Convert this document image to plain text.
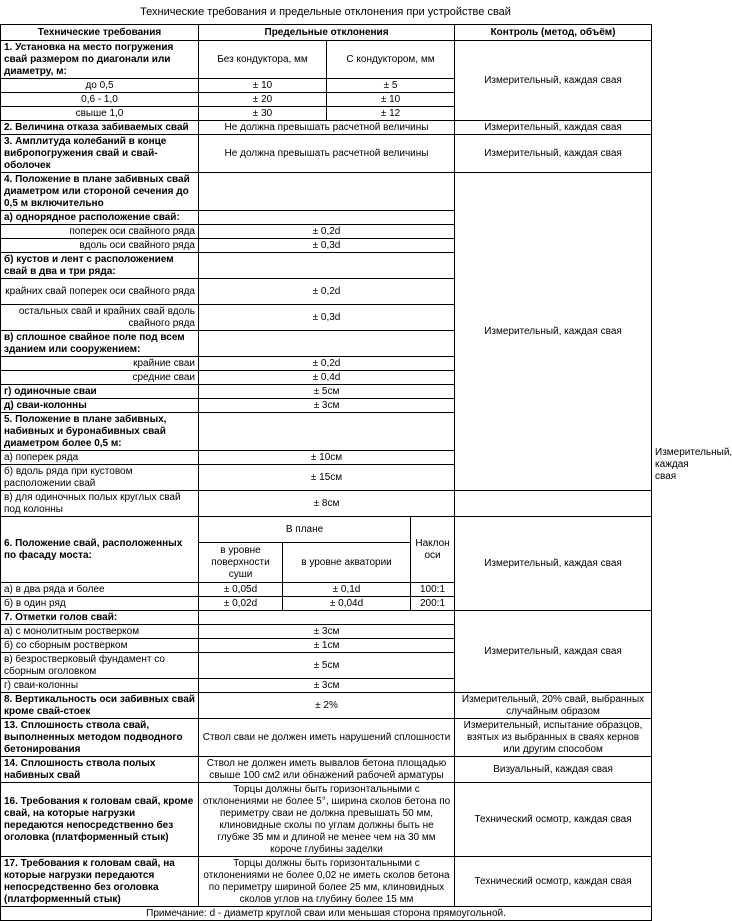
Технические требования и предельные отклонения при устройстве свай
Технические требования	Предельные отклонения				Контроль (метод, объём)	
1. Установка на место погружения свай размером по диагонали или диаметру, м:	Без кондуктора, мм		С кондуктором, мм		Измерительный, каждая свая	
до 0,5	± 10		± 5			
0,6 - 1,0	± 20		± 10			
свыше 1,0	± 30		± 12			
2. Величина отказа забиваемых свай	Не должна превышать расчетной величины				Измерительный, каждая свая	
3. Амплитуда колебаний в конце вибропогружения свай и свай-оболочек	Не должна превышать расчетной величины				Измерительный, каждая свая	
4. Положение в плане забивных свай диаметром или стороной сечения до 0,5 м включительно					Измерительный, каждая свая	
а) однорядное расположение свай:						
поперек оси свайного ряда	± 0,2d					
вдоль оси свайного ряда	± 0,3d					
б) кустов и лент с расположением свай в два и три ряда:						
крайних свай поперек оси свайного ряда	± 0,2d					
остальных свай и крайних свай вдоль свайного ряда	± 0,3d					
в) сплошное свайное поле под всем зданием или сооружением:						
крайние сваи	± 0,2d					
средние сваи	± 0,4d					
г) одиночные сваи	± 5см					
д) сваи-колонны	± 3см					
5. Положение в плане забивных, набивных и буронабивных свай диаметром более 0,5 м:						Измерительный, каждая свая
а) поперек ряда	± 10см					
б) вдоль ряда при кустовом расположении свай	± 15см					
в) для одиночных полых круглых свай под колонны	± 8см					
6. Положение свай, расположенных по фасаду моста:	В плане			Наклон оси	Измерительный, каждая свая	
	в уровне поверхности суши	в уровне акватории				
а) в два ряда и более	± 0,05d	± 0,1d		100:1		
б) в один ряд	± 0,02d	± 0,04d		200:1		
7. Отметки голов свай:					Измерительный, каждая свая	
а) с монолитным ростверком	± 3см					
б) со сборным ростверком	± 1см					
в) безростверковый фундамент со сборным оголовком	± 5см					
г) сваи-колонны	± 3см					
8. Вертикальность оси забивных свай кроме свай-стоек	± 2%				Измерительный, 20% свай, выбранных случайным образом	
13. Сплошность ствола свай, выполненных методом подводного бетонирования	Ствол сваи не должен иметь нарушений сплошности				Измерительный, испытание образцов, взятых из выбранных в сваях кернов или другим способом	
14. Сплошность ствола полых набивных свай	Ствол не должен иметь вывалов бетона площадью свыше 100 см2 или обнажений рабочей арматуры				Визуальный, каждая свая	
16. Требования к головам свай, кроме свай, на которые нагрузки передаются непосредственно без оголовка (платформенный стык)	Торцы должны быть горизонтальными с отклонениями не более 5°, ширина сколов бетона по периметру сваи не должна превышать 50 мм, клиновидные сколы по углам должны быть не глубже 35 мм и длиной не менее чем на 30 мм короче глубины заделки				Технический осмотр, каждая свая	
17. Требования к головам свай, на которые нагрузки передаются непосредственно без оголовка (платформенный стык)	Торцы должны быть горизонтальными с отклонениями не более 0,02 не иметь сколов бетона по периметру шириной более 25 мм, клиновидных сколов углов на глубину более 15 мм				Технический осмотр, каждая свая	
Примечание: d - диаметр круглой сваи или меньшая сторона прямоугольной.						
